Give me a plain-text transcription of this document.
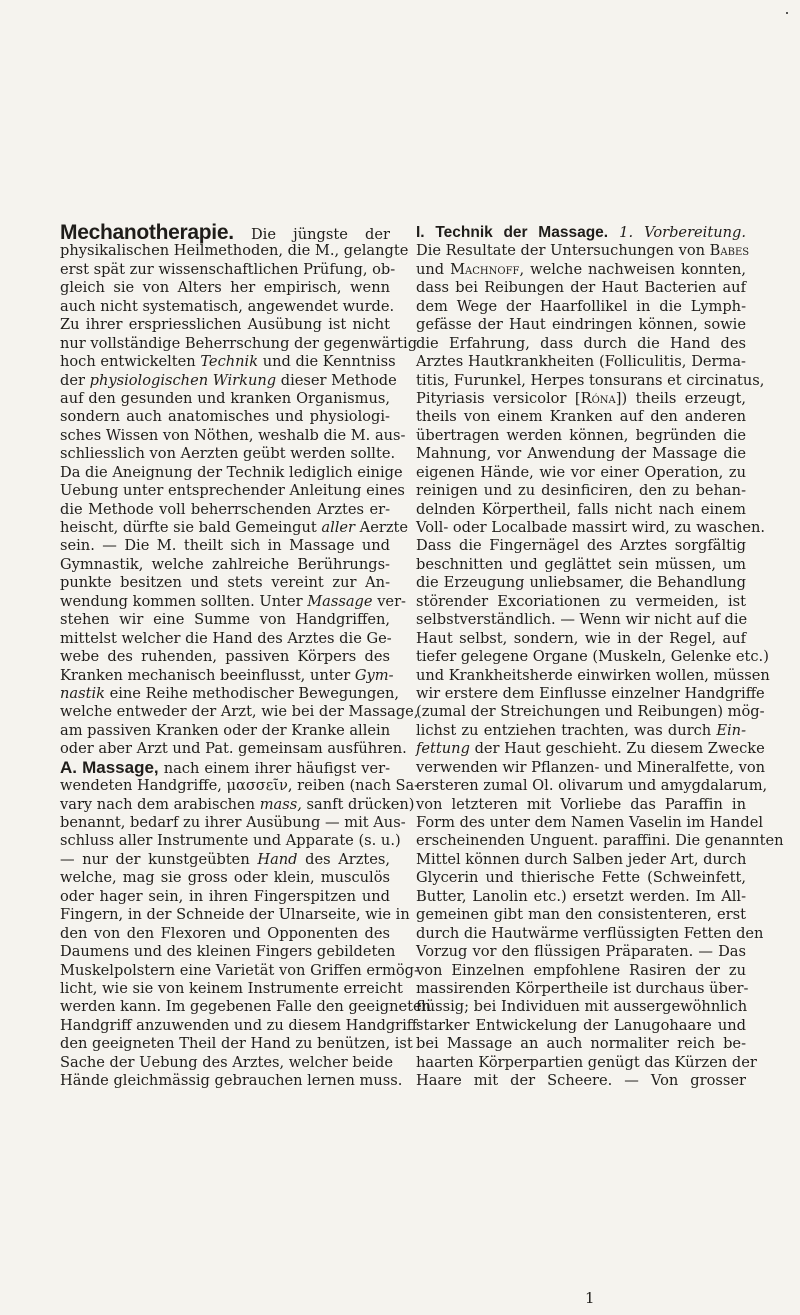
Mechanotherapie. Die jüngste der
physikalischen Heilmethoden, die M., gelangte
erst spät zur wissenschaftlichen Prüfung, ob-
gleich sie von Alters her empirisch, wenn
auch nicht systematisch, angewendet wurde.
Zu ihrer erspriesslichen Ausübung ist nicht
nur vollständige Beherrschung der gegenwärtig
hoch entwickelten Technik und die Kenntniss
der physiologischen Wirkung dieser Methode
auf den gesunden und kranken Organismus,
sondern auch anatomisches und physiologi-
sches Wissen von Nöthen, weshalb die M. aus-
schliesslich von Aerzten geübt werden sollte.
Da die Aneignung der Technik lediglich einige
Uebung unter entsprechender Anleitung eines
die Methode voll beherrschenden Arztes er-
heischt, dürfte sie bald Gemeingut aller Aerzte
sein. — Die M. theilt sich in Massage und
Gymnastik, welche zahlreiche Berührungs-
punkte besitzen und stets vereint zur An-
wendung kommen sollten. Unter Massage ver-
stehen wir eine Summe von Handgriffen,
mittelst welcher die Hand des Arztes die Ge-
webe des ruhenden, passiven Körpers des
Kranken mechanisch beeinflusst, unter Gym-
nastik eine Reihe methodischer Bewegungen,
welche entweder der Arzt, wie bei der Massage,
am passiven Kranken oder der Kranke allein
oder aber Arzt und Pat. gemeinsam ausführen.
A. Massage, nach einem ihrer häufigst ver-
wendeten Handgriffe, μασσεῖν, reiben (nach Sa-
vary nach dem arabischen mass, sanft drücken)
benannt, bedarf zu ihrer Ausübung — mit Aus-
schluss aller Instrumente und Apparate (s. u.)
— nur der kunstgeübten Hand des Arztes,
welche, mag sie gross oder klein, musculös
oder hager sein, in ihren Fingerspitzen und
Fingern, in der Schneide der Ulnarseite, wie in
den von den Flexoren und Opponenten des
Daumens und des kleinen Fingers gebildeten
Muskelpolstern eine Varietät von Griffen ermög-
licht, wie sie von keinem Instrumente erreicht
werden kann. Im gegebenen Falle den geeigneten
Handgriff anzuwenden und zu diesem Handgriff
den geeigneten Theil der Hand zu benützen, ist
Sache der Uebung des Arztes, welcher beide
Hände gleichmässig gebrauchen lernen muss.
I. Technik der Massage. 1. Vorbereitung.
Die Resultate der Untersuchungen von Babes
und Machnoff, welche nachweisen konnten,
dass bei Reibungen der Haut Bacterien auf
dem Wege der Haarfollikel in die Lymph-
gefässe der Haut eindringen können, sowie
die Erfahrung, dass durch die Hand des
Arztes Hautkrankheiten (Folliculitis, Derma-
titis, Furunkel, Herpes tonsurans et circinatus,
Pityriasis versicolor [Róna]) theils erzeugt,
theils von einem Kranken auf den anderen
übertragen werden können, begründen die
Mahnung, vor Anwendung der Massage die
eigenen Hände, wie vor einer Operation, zu
reinigen und zu desinficiren, den zu behan-
delnden Körpertheil, falls nicht nach einem
Voll- oder Localbade massirt wird, zu waschen.
Dass die Fingernägel des Arztes sorgfältig
beschnitten und geglättet sein müssen, um
die Erzeugung unliebsamer, die Behandlung
störender Excoriationen zu vermeiden, ist
selbstverständlich. — Wenn wir nicht auf die
Haut selbst, sondern, wie in der Regel, auf
tiefer gelegene Organe (Muskeln, Gelenke etc.)
und Krankheitsherde einwirken wollen, müssen
wir erstere dem Einflusse einzelner Handgriffe
(zumal der Streichungen und Reibungen) mög-
lichst zu entziehen trachten, was durch Ein-
fettung der Haut geschieht. Zu diesem Zwecke
verwenden wir Pflanzen- und Mineralfette, von
ersteren zumal Ol. olivarum und amygdalarum,
von letzteren mit Vorliebe das Paraffin in
Form des unter dem Namen Vaselin im Handel
erscheinenden Unguent. paraffini. Die genannten
Mittel können durch Salben jeder Art, durch
Glycerin und thierische Fette (Schweinfett,
Butter, Lanolin etc.) ersetzt werden. Im All-
gemeinen gibt man den consistenteren, erst
durch die Hautwärme verflüssigten Fetten den
Vorzug vor den flüssigen Präparaten. — Das
von Einzelnen empfohlene Rasiren der zu
massirenden Körpertheile ist durchaus über-
flüssig; bei Individuen mit aussergewöhnlich
starker Entwickelung der Lanugohaare und
bei Massage an auch normaliter reich be-
haarten Körperpartien genügt das Kürzen der
Haare mit der Scheere. — Von grosser
1
